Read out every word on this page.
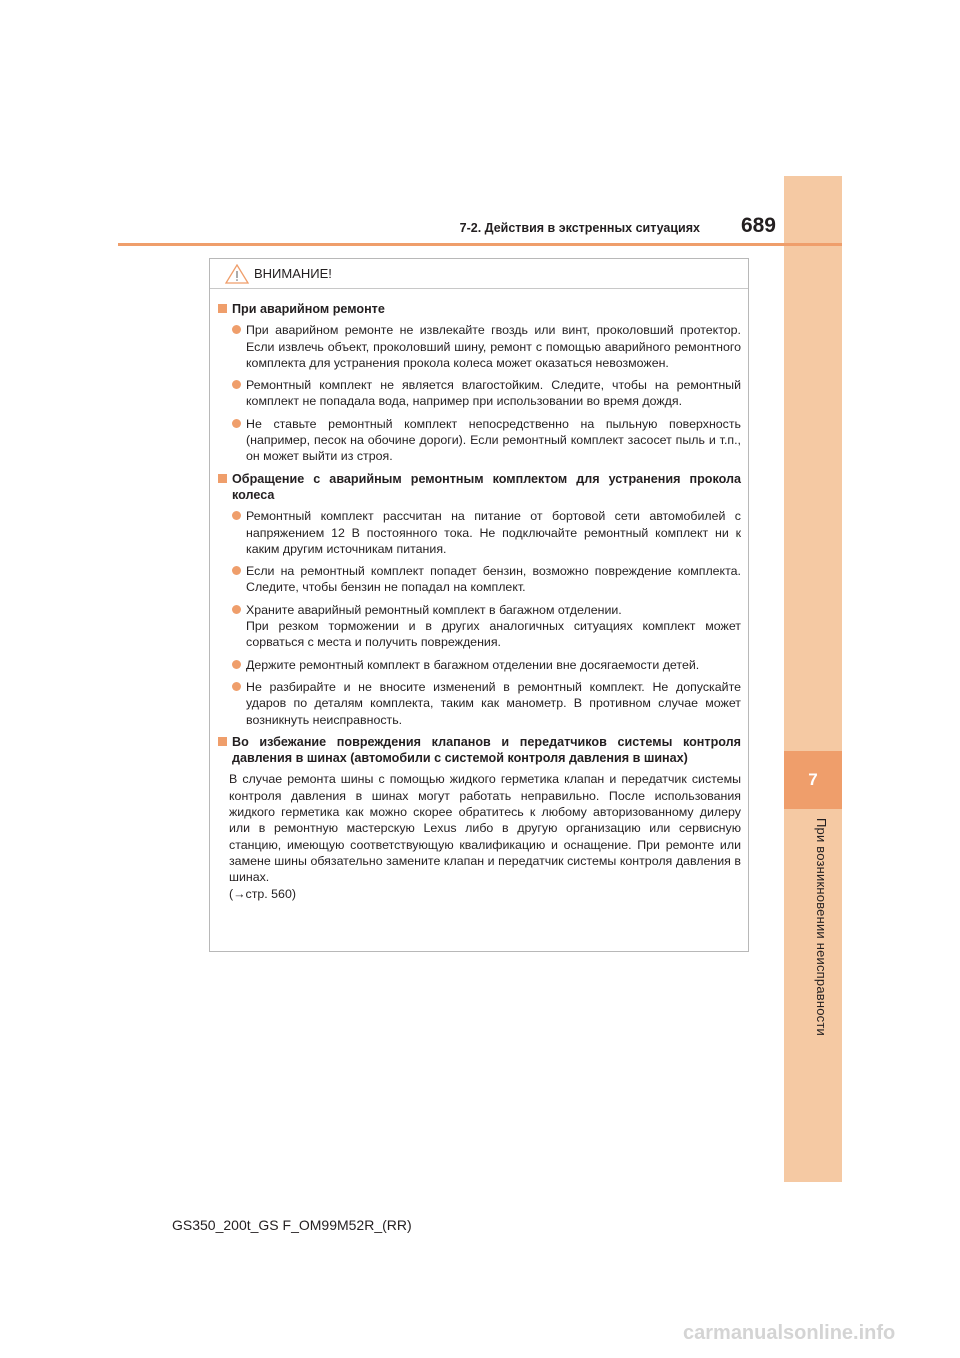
7
При возникновении неисправности
7-2. Действия в экстренных ситуациях	689
ВНИМАНИЕ!
При аварийном ремонте
При аварийном ремонте не извлекайте гвоздь или винт, проколовший протектор. Если извлечь объект, проколовший шину, ремонт с помощью аварийного ремонтного комплекта для устранения прокола колеса может оказаться невозможен.
Ремонтный комплект не является влагостойким. Следите, чтобы на ремонтный комплект не попадала вода, например при использовании во время дождя.
Не ставьте ремонтный комплект непосредственно на пыльную поверхность (например, песок на обочине дороги). Если ремонтный комплект засосет пыль и т.п., он может выйти из строя.
Обращение с аварийным ремонтным комплектом для устранения прокола колеса
Ремонтный комплект рассчитан на питание от бортовой сети автомобилей с напряжением 12 В постоянного тока. Не подключайте ремонтный комплект ни к каким другим источникам питания.
Если на ремонтный комплект попадет бензин, возможно повреждение комплекта. Следите, чтобы бензин не попадал на комплект.
Храните аварийный ремонтный комплект в багажном отделении.
При резком торможении и в других аналогичных ситуациях комплект может сорваться с места и получить повреждения.
Держите ремонтный комплект в багажном отделении вне досягаемости детей.
Не разбирайте и не вносите изменений в ремонтный комплект. Не допускайте ударов по деталям комплекта, таким как манометр. В противном случае может возникнуть неисправность.
Во избежание повреждения клапанов и передатчиков системы контроля давления в шинах (автомобили с системой контроля давления в шинах)
В случае ремонта шины с помощью жидкого герметика клапан и передатчик системы контроля давления в шинах могут работать неправильно. После использования жидкого герметика как можно скорее обратитесь к любому авторизованному дилеру или в ремонтную мастерскую Lexus либо в другую организацию или сервисную станцию, имеющую соответствующую квалификацию и оснащение. При ремонте или замене шины обязательно замените клапан и передатчик системы контроля давления в шинах.
(→стр. 560)
GS350_200t_GS F_OM99M52R_(RR)
carmanualsonline.info
